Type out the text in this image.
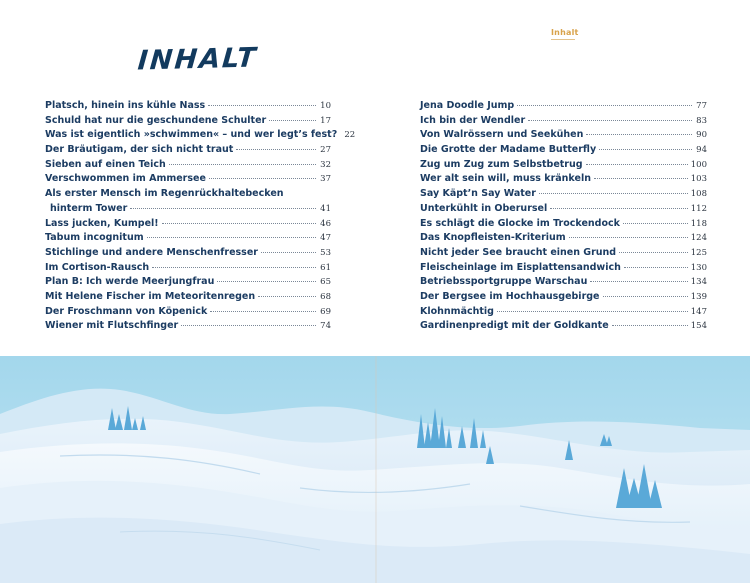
INHALT
Inhalt
Platsch, hinein ins kühle Nass	10
Schuld hat nur die geschundene Schulter	17
Was ist eigentlich »schwimmen« – und wer legt’s fest? 22
Der Bräutigam, der sich nicht traut	27
Sieben auf einen Teich	32
Verschwommen im Ammersee	37
Als erster Mensch im Regenrückhaltebecken
hinterm Tower	41
Lass jucken, Kumpel!	46
Tabum incognitum	47
Stichlinge und andere Menschenfresser	53
Im Cortison-Rausch	61
Plan B: Ich werde Meerjungfrau	65
Mit Helene Fischer im Meteoritenregen	68
Der Froschmann von Köpenick	69
Wiener mit Flutschfinger	74
Jena Doodle Jump	77
Ich bin der Wendler	83
Von Walrössern und Seekühen	90
Die Grotte der Madame Butterfly	94
Zug um Zug zum Selbstbetrug	100
Wer alt sein will, muss kränkeln	103
Say Käpt’n Say Water	108
Unterkühlt in Oberursel	112
Es schlägt die Glocke im Trockendock	118
Das Knopfleisten-Kriterium	124
Nicht jeder See braucht einen Grund	125
Fleischeinlage im Eisplattensandwich	130
Betriebssportgruppe Warschau	134
Der Bergsee im Hochhausgebirge	139
Klohnmächtig	147
Gardinenpredigt mit der Goldkante	154
